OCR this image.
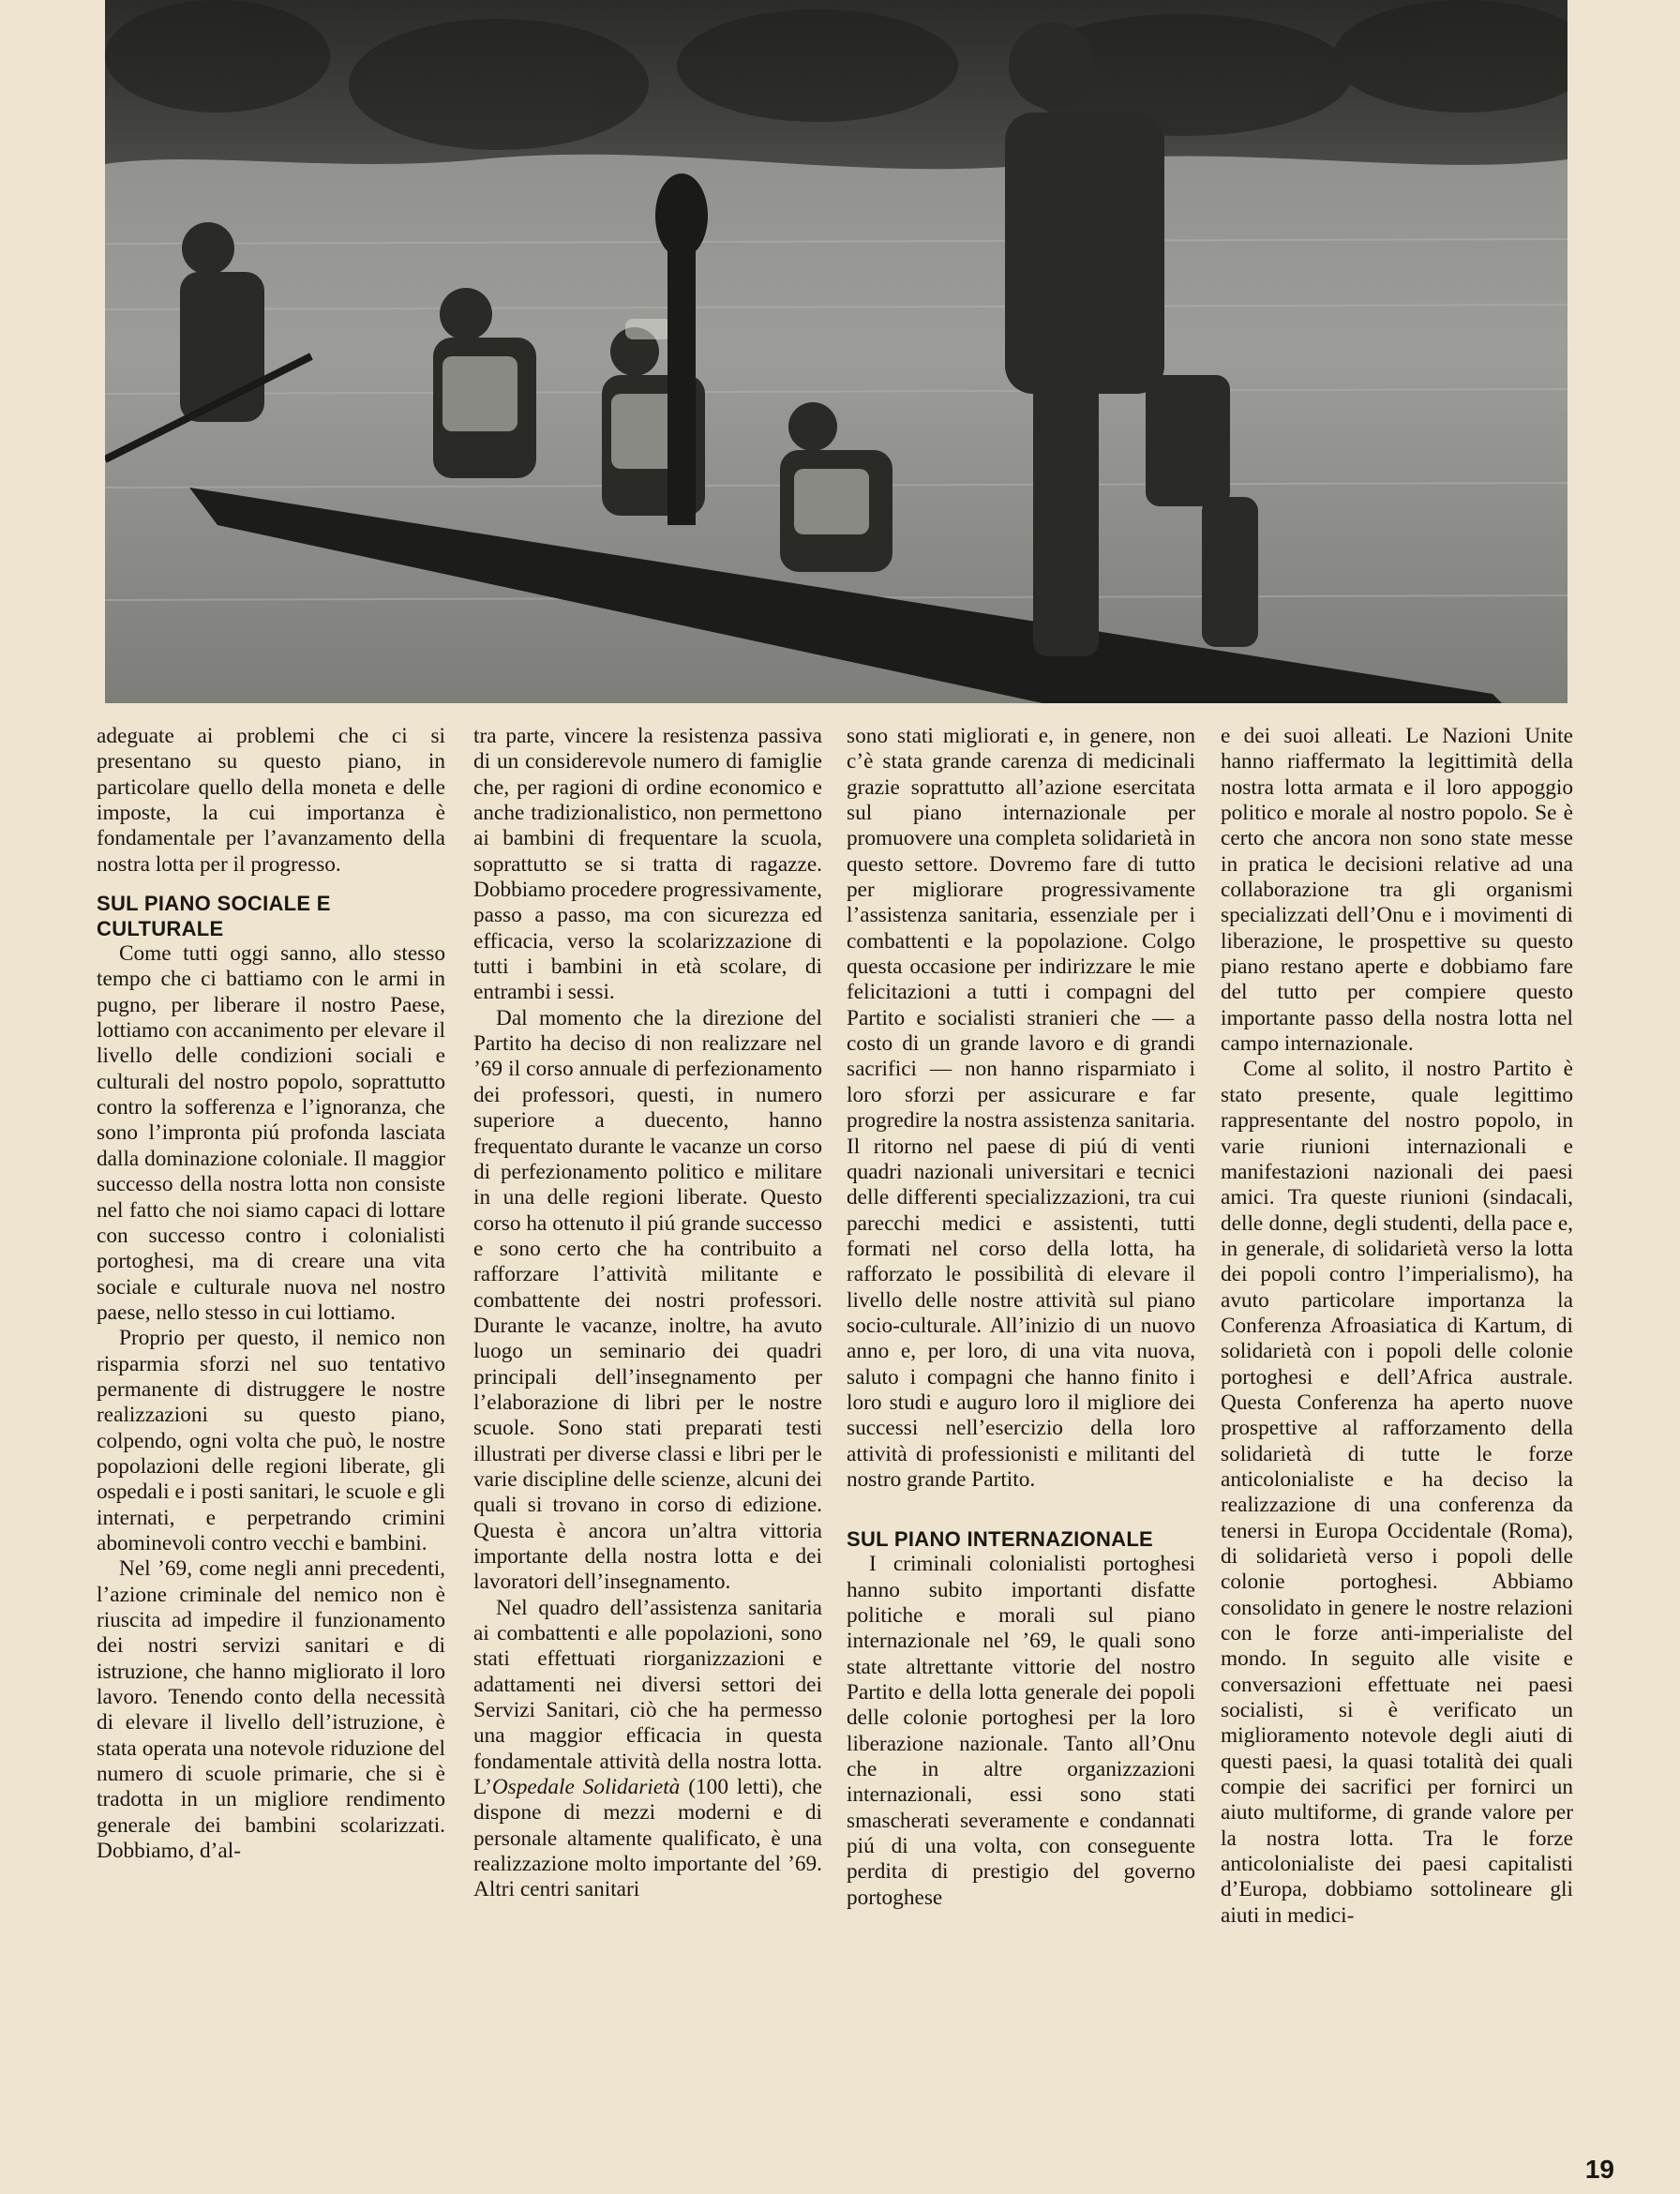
adeguate ai problemi che ci si presentano su questo piano, in particolare quello della moneta e delle imposte, la cui importanza è fondamentale per l’avanzamento della nostra lotta per il progresso.

SUL PIANO SOCIALE E CULTURALE

Come tutti oggi sanno, allo stesso tempo che ci battiamo con le armi in pugno, per liberare il nostro Paese, lottiamo con accanimento per elevare il livello delle condizioni sociali e culturali del nostro popolo, soprattutto contro la sofferenza e l’ignoranza, che sono l’impronta piú profonda lasciata dalla dominazione coloniale. Il maggior successo della nostra lotta non consiste nel fatto che noi siamo capaci di lottare con successo contro i colonialisti portoghesi, ma di creare una vita sociale e culturale nuova nel nostro paese, nello stesso in cui lottiamo.

Proprio per questo, il nemico non risparmia sforzi nel suo tentativo permanente di distruggere le nostre realizzazioni su questo piano, colpendo, ogni volta che può, le nostre popolazioni delle regioni liberate, gli ospedali e i posti sanitari, le scuole e gli internati, e perpetrando crimini abominevoli contro vecchi e bambini.

Nel ’69, come negli anni precedenti, l’azione criminale del nemico non è riuscita ad impedire il funzionamento dei nostri servizi sanitari e di istruzione, che hanno migliorato il loro lavoro. Tenendo conto della necessità di elevare il livello dell’istruzione, è stata operata una notevole riduzione del numero di scuole primarie, che si è tradotta in un migliore rendimento generale dei bambini scolarizzati. Dobbiamo, d’al-

tra parte, vincere la resistenza passiva di un considerevole numero di famiglie che, per ragioni di ordine economico e anche tradizionalistico, non permettono ai bambini di frequentare la scuola, soprattutto se si tratta di ragazze. Dobbiamo procedere progressivamente, passo a passo, ma con sicurezza ed efficacia, verso la scolarizzazione di tutti i bambini in età scolare, di entrambi i sessi.

Dal momento che la direzione del Partito ha deciso di non realizzare nel ’69 il corso annuale di perfezionamento dei professori, questi, in numero superiore a duecento, hanno frequentato durante le vacanze un corso di perfezionamento politico e militare in una delle regioni liberate. Questo corso ha ottenuto il piú grande successo e sono certo che ha contribuito a rafforzare l’attività militante e combattente dei nostri professori. Durante le vacanze, inoltre, ha avuto luogo un seminario dei quadri principali dell’insegnamento per l’elaborazione di libri per le nostre scuole. Sono stati preparati testi illustrati per diverse classi e libri per le varie discipline delle scienze, alcuni dei quali si trovano in corso di edizione. Questa è ancora un’altra vittoria importante della nostra lotta e dei lavoratori dell’insegnamento.

Nel quadro dell’assistenza sanitaria ai combattenti e alle popolazioni, sono stati effettuati riorganizzazioni e adattamenti nei diversi settori dei Servizi Sanitari, ciò che ha permesso una maggior efficacia in questa fondamentale attività della nostra lotta. L’Ospedale Solidarietà (100 letti), che dispone di mezzi moderni e di personale altamente qualificato, è una realizzazione molto importante del ’69. Altri centri sanitari

sono stati migliorati e, in genere, non c’è stata grande carenza di medicinali grazie soprattutto all’azione esercitata sul piano internazionale per promuovere una completa solidarietà in questo settore. Dovremo fare di tutto per migliorare progressivamente l’assistenza sanitaria, essenziale per i combattenti e la popolazione. Colgo questa occasione per indirizzare le mie felicitazioni a tutti i compagni del Partito e socialisti stranieri che — a costo di un grande lavoro e di grandi sacrifici — non hanno risparmiato i loro sforzi per assicurare e far progredire la nostra assistenza sanitaria. Il ritorno nel paese di piú di venti quadri nazionali universitari e tecnici delle differenti specializzazioni, tra cui parecchi medici e assistenti, tutti formati nel corso della lotta, ha rafforzato le possibilità di elevare il livello delle nostre attività sul piano socio-culturale. All’inizio di un nuovo anno e, per loro, di una vita nuova, saluto i compagni che hanno finito i loro studi e auguro loro il migliore dei successi nell’esercizio della loro attività di professionisti e militanti del nostro grande Partito.

SUL PIANO INTERNAZIONALE

I criminali colonialisti portoghesi hanno subito importanti disfatte politiche e morali sul piano internazionale nel ’69, le quali sono state altrettante vittorie del nostro Partito e della lotta generale dei popoli delle colonie portoghesi per la loro liberazione nazionale. Tanto all’Onu che in altre organizzazioni internazionali, essi sono stati smascherati severamente e condannati piú di una volta, con conseguente perdita di prestigio del governo portoghese

e dei suoi alleati. Le Nazioni Unite hanno riaffermato la legittimità della nostra lotta armata e il loro appoggio politico e morale al nostro popolo. Se è certo che ancora non sono state messe in pratica le decisioni relative ad una collaborazione tra gli organismi specializzati dell’Onu e i movimenti di liberazione, le prospettive su questo piano restano aperte e dobbiamo fare del tutto per compiere questo importante passo della nostra lotta nel campo internazionale.

Come al solito, il nostro Partito è stato presente, quale legittimo rappresentante del nostro popolo, in varie riunioni internazionali e manifestazioni nazionali dei paesi amici. Tra queste riunioni (sindacali, delle donne, degli studenti, della pace e, in generale, di solidarietà verso la lotta dei popoli contro l’imperialismo), ha avuto particolare importanza la Conferenza Afroasiatica di Kartum, di solidarietà con i popoli delle colonie portoghesi e dell’Africa australe. Questa Conferenza ha aperto nuove prospettive al rafforzamento della solidarietà di tutte le forze anticolonialiste e ha deciso la realizzazione di una conferenza da tenersi in Europa Occidentale (Roma), di solidarietà verso i popoli delle colonie portoghesi. Abbiamo consolidato in genere le nostre relazioni con le forze anti-imperialiste del mondo. In seguito alle visite e conversazioni effettuate nei paesi socialisti, si è verificato un miglioramento notevole degli aiuti di questi paesi, la quasi totalità dei quali compie dei sacrifici per fornirci un aiuto multiforme, di grande valore per la nostra lotta. Tra le forze anticolonialiste dei paesi capitalisti d’Europa, dobbiamo sottolineare gli aiuti in medici-

19
